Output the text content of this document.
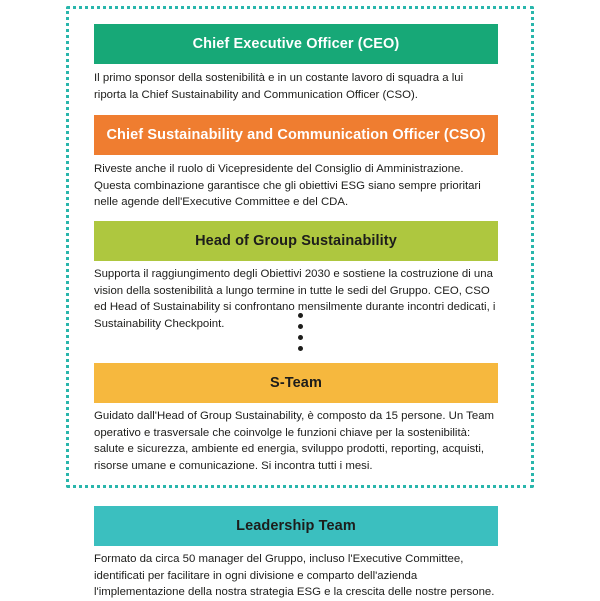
Chief Executive Officer (CEO)
Il primo sponsor della sostenibilità e in un costante lavoro di squadra a lui riporta la Chief Sustainability and Communication Officer (CSO).
Chief Sustainability and Communication Officer (CSO)
Riveste anche il ruolo di Vicepresidente del Consiglio di Amministrazione. Questa combinazione garantisce che gli obiettivi ESG siano sempre prioritari nelle agende dell'Executive Committee e del CDA.
Head of Group Sustainability
Supporta il raggiungimento degli Obiettivi 2030 e sostiene la costruzione di una vision della sostenibilità a lungo termine in tutte le sedi del Gruppo. CEO, CSO ed Head of Sustainability si confrontano mensilmente durante incontri dedicati, i Sustainability Checkpoint.
S-Team
Guidato dall'Head of Group Sustainability, è composto da 15 persone. Un Team operativo e trasversale che coinvolge le funzioni chiave per la sostenibilità: salute e sicurezza, ambiente ed energia, sviluppo prodotti, reporting, acquisti, risorse umane e comunicazione. Si incontra tutti i mesi.
Leadership Team
Formato da circa 50 manager del Gruppo, incluso l'Executive Committee, identificati per facilitare in ogni divisione e comparto dell'azienda l'implementazione della nostra strategia ESG e la crescita delle nostre persone.
